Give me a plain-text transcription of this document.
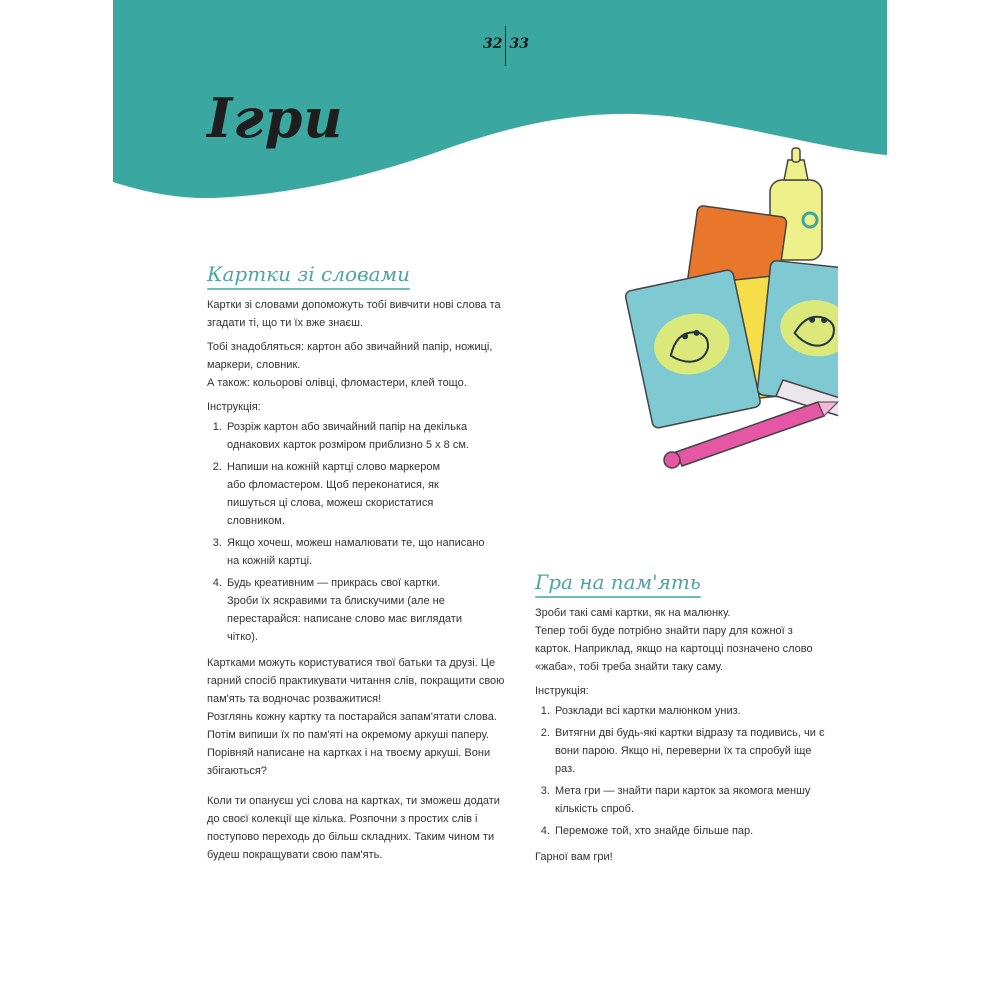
32 33
Ігри
Картки зі словами

Картки зі словами допоможуть тобі вивчити нові слова та згадати ті, що ти їх вже знаєш.

Тобі знадобляться: картон або звичайний папір, ножиці, маркери, словник.

А також: кольорові олівці, фломастери, клей тощо.

Інструкція:

1. Розріж картон або звичайний папір на декілька однакових карток розміром приблизно 5 х 8 см.
2. Напиши на кожній картці слово маркером або фломастером. Щоб переконатися, як пишуться ці слова, можеш скористатися словником.
3. Якщо хочеш, можеш намалювати те, що написано на кожній картці.
4. Будь креативним — прикрась свої картки. Зроби їх яскравими та блискучими (але не перестарайся: написане слово має виглядати чітко).

Картками можуть користуватися твої батьки та друзі. Це гарний спосіб практикувати читання слів, покращити свою пам'ять та водночас розважитися!

Розглянь кожну картку та постарайся запам'ятати слова. Потім випиши їх по пам'яті на окремому аркуші паперу. Порівняй написане на картках і на твоєму аркуші. Вони збігаються?

Коли ти опануєш усі слова на картках, ти зможеш додати до своєї колекції ще кілька. Розпочни з простих слів і поступово переходь до більш складних. Таким чином ти будеш покращувати свою пам'ять.

Гра на пам'ять

Зроби такі самі картки, як на малюнку.

Тепер тобі буде потрібно знайти пару для кожної з карток. Наприклад, якщо на картоцці позначено слово «жаба», тобі треба знайти таку саму.

Інструкція:

1. Розклади всі картки малюнком униз.
2. Витягни дві будь-які картки відразу та подивись, чи є вони парою. Якщо ні, переверни їх та спробуй іще раз.
3. Мета гри — знайти пари карток за якомога меншу кількість спроб.
4. Переможе той, хто знайде більше пар.

Гарної вам гри!
